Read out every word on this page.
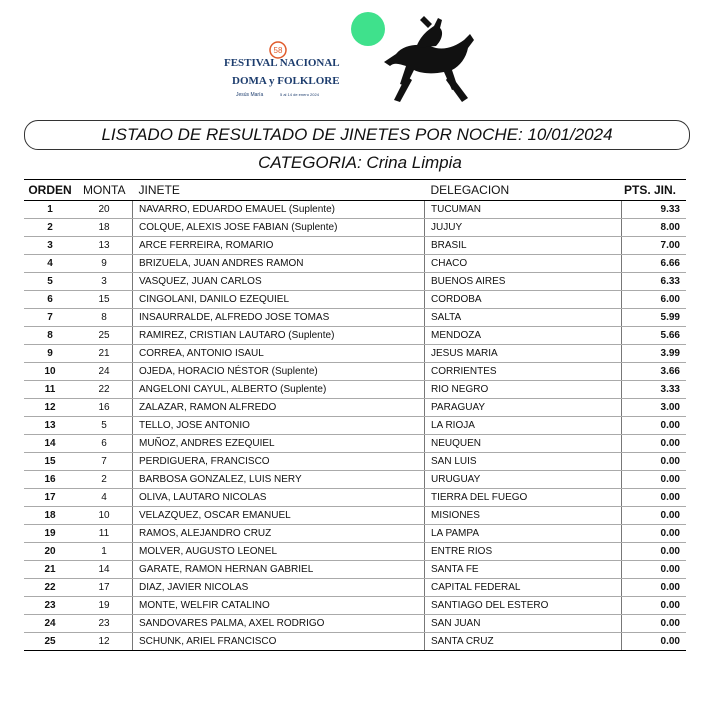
58
FESTIVAL NACIONAL
DOMA y FOLKLORE
Jesús María	5 al 14 de enero 2024
LISTADO DE RESULTADO DE JINETES POR NOCHE: 10/01/2024
CATEGORIA: Crina Limpia
ORDEN	MONTA	JINETE	DELEGACION	PTS. JIN.
1	20	NAVARRO, EDUARDO EMAUEL (Suplente)	TUCUMAN	9.33
2	18	COLQUE, ALEXIS JOSE FABIAN (Suplente)	JUJUY	8.00
3	13	ARCE FERREIRA, ROMARIO	BRASIL	7.00
4	9	BRIZUELA, JUAN ANDRES RAMON	CHACO	6.66
5	3	VASQUEZ, JUAN CARLOS	BUENOS AIRES	6.33
6	15	CINGOLANI, DANILO EZEQUIEL	CORDOBA	6.00
7	8	INSAURRALDE, ALFREDO JOSE TOMAS	SALTA	5.99
8	25	RAMIREZ, CRISTIAN LAUTARO (Suplente)	MENDOZA	5.66
9	21	CORREA, ANTONIO ISAUL	JESUS MARIA	3.99
10	24	OJEDA, HORACIO NÉSTOR (Suplente)	CORRIENTES	3.66
11	22	ANGELONI CAYUL, ALBERTO (Suplente)	RIO NEGRO	3.33
12	16	ZALAZAR, RAMON ALFREDO	PARAGUAY	3.00
13	5	TELLO, JOSE ANTONIO	LA RIOJA	0.00
14	6	MUÑOZ, ANDRES EZEQUIEL	NEUQUEN	0.00
15	7	PERDIGUERA, FRANCISCO	SAN LUIS	0.00
16	2	BARBOSA GONZALEZ, LUIS NERY	URUGUAY	0.00
17	4	OLIVA, LAUTARO NICOLAS	TIERRA DEL FUEGO	0.00
18	10	VELAZQUEZ, OSCAR EMANUEL	MISIONES	0.00
19	11	RAMOS, ALEJANDRO CRUZ	LA PAMPA	0.00
20	1	MOLVER, AUGUSTO LEONEL	ENTRE RIOS	0.00
21	14	GARATE, RAMON HERNAN GABRIEL	SANTA FE	0.00
22	17	DIAZ, JAVIER NICOLAS	CAPITAL FEDERAL	0.00
23	19	MONTE, WELFIR CATALINO	SANTIAGO DEL ESTERO	0.00
24	23	SANDOVARES PALMA, AXEL RODRIGO	SAN JUAN	0.00
25	12	SCHUNK, ARIEL FRANCISCO	SANTA CRUZ	0.00
